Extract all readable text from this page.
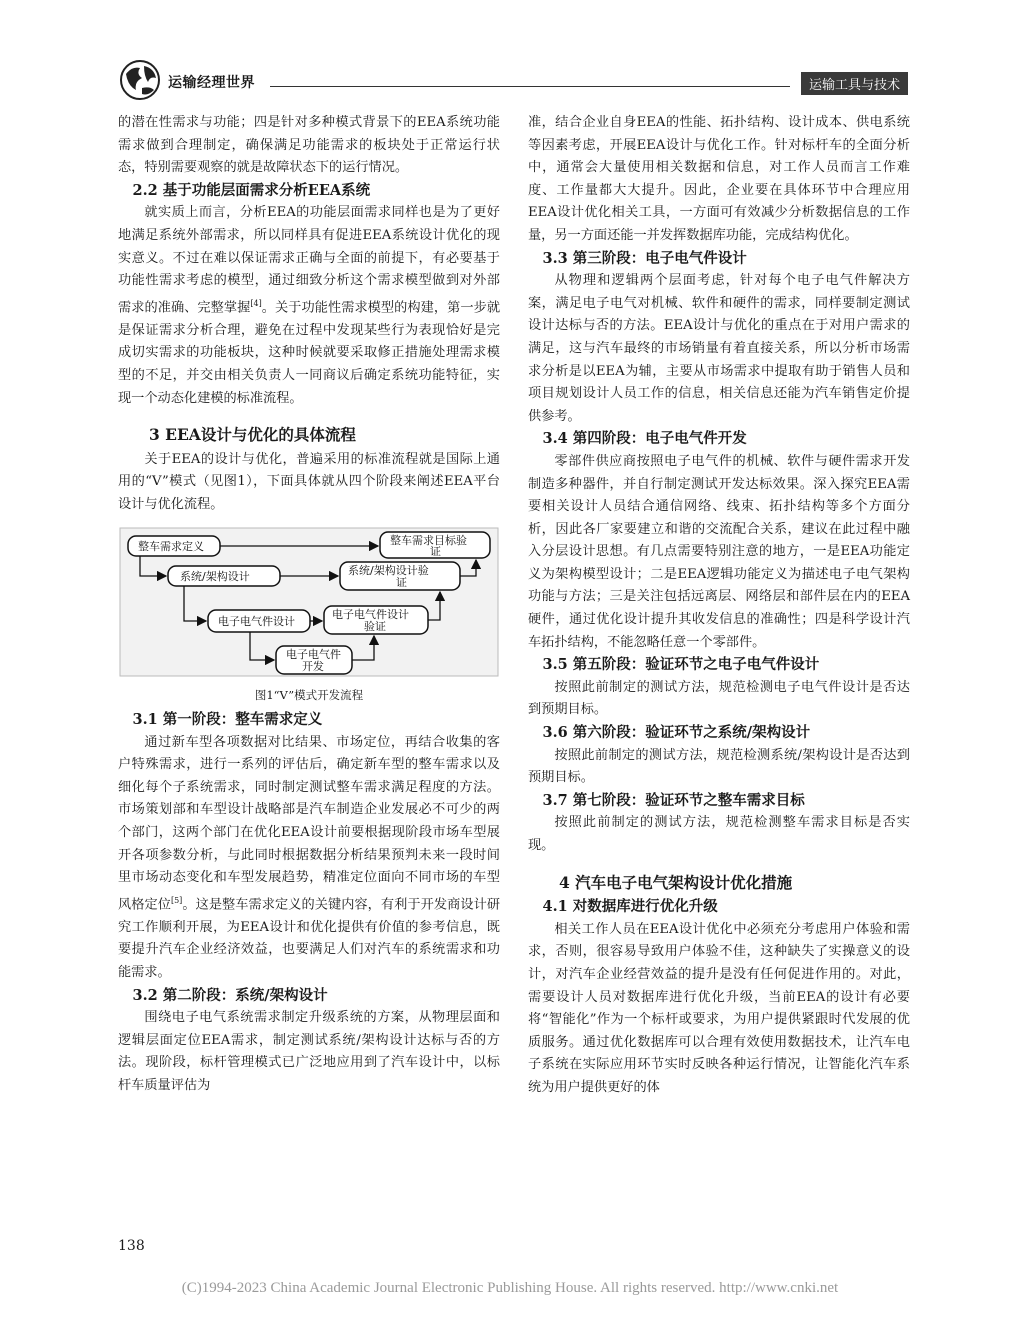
运输经理世界	运输工具与技术

的潜在性需求与功能；四是针对多种模式背景下的EEA系统功能需求做到合理制定，确保满足功能需求的板块处于正常运行状态，特别需要观察的就是故障状态下的运行情况。

2.2 基于功能层面需求分析EEA系统

就实质上而言，分析EEA的功能层面需求同样也是为了更好地满足系统外部需求，所以同样具有促进EEA系统设计优化的现实意义。不过在难以保证需求正确与全面的前提下，有必要基于功能性需求考虑的模型，通过细致分析这个需求模型做到对外部需求的准确、完整掌握[4]。关于功能性需求模型的构建，第一步就是保证需求分析合理，避免在过程中发现某些行为表现恰好是完成切实需求的功能板块，这种时候就要采取修正措施处理需求模型的不足，并交由相关负责人一同商议后确定系统功能特征，实现一个动态化建模的标准流程。

3 EEA设计与优化的具体流程

关于EEA的设计与优化，普遍采用的标准流程就是国际上通用的“V”模式（见图1），下面具体就从四个阶段来阐述EEA平台设计与优化流程。

整车需求定义	整车需求目标验
证
系统/架构设计	系统/架构设计验
证
电子电气件设计
电子电气件设计
验证
电子电气件
开发

图1“V”模式开发流程

3.1 第一阶段：整车需求定义

通过新车型各项数据对比结果、市场定位，再结合收集的客户特殊需求，进行一系列的评估后，确定新车型的整车需求以及细化每个子系统需求，同时制定测试整车需求满足程度的方法。市场策划部和车型设计战略部是汽车制造企业发展必不可少的两个部门，这两个部门在优化EEA设计前要根据现阶段市场车型展开各项参数分析，与此同时根据数据分析结果预判未来一段时间里市场动态变化和车型发展趋势，精准定位面向不同市场的车型风格定位[5]。这是整车需求定义的关键内容，有利于开发商设计研究工作顺利开展，为EEA设计和优化提供有价值的参考信息，既要提升汽车企业经济效益，也要满足人们对汽车的系统需求和功能需求。

3.2 第二阶段：系统/架构设计

围绕电子电气系统需求制定升级系统的方案，从物理层面和逻辑层面定位EEA需求，制定测试系统/架构设计达标与否的方法。现阶段，标杆管理模式已广泛地应用到了汽车设计中，以标杆车质量评估为

准，结合企业自身EEA的性能、拓扑结构、设计成本、供电系统等因素考虑，开展EEA设计与优化工作。针对标杆车的全面分析中，通常会大量使用相关数据和信息，对工作人员而言工作难度、工作量都大大提升。因此，企业要在具体环节中合理应用EEA设计优化相关工具，一方面可有效减少分析数据信息的工作量，另一方面还能一并发挥数据库功能，完成结构优化。

3.3 第三阶段：电子电气件设计

从物理和逻辑两个层面考虑，针对每个电子电气件解决方案，满足电子电气对机械、软件和硬件的需求，同样要制定测试设计达标与否的方法。EEA设计与优化的重点在于对用户需求的满足，这与汽车最终的市场销量有着直接关系，所以分析市场需求分析是以EEA为辅，主要从市场需求中提取有助于销售人员和项目规划设计人员工作的信息，相关信息还能为汽车销售定价提供参考。

3.4 第四阶段：电子电气件开发

零部件供应商按照电子电气件的机械、软件与硬件需求开发制造多种器件，并自行制定测试开发达标效果。深入探究EEA需要相关设计人员结合通信网络、线束、拓扑结构等多个方面分析，因此各厂家要建立和谐的交流配合关系，建议在此过程中融入分层设计思想。有几点需要特别注意的地方，一是EEA功能定义为架构模型设计；二是EEA逻辑功能定义为描述电子电气架构功能与方法；三是关注包括远离层、网络层和部件层在内的EEA硬件，通过优化设计提升其收发信息的准确性；四是科学设计汽车拓扑结构，不能忽略任意一个零部件。

3.5 第五阶段：验证环节之电子电气件设计

按照此前制定的测试方法，规范检测电子电气件设计是否达到预期目标。

3.6 第六阶段：验证环节之系统/架构设计

按照此前制定的测试方法，规范检测系统/架构设计是否达到预期目标。

3.7 第七阶段：验证环节之整车需求目标

按照此前制定的测试方法，规范检测整车需求目标是否实现。

4 汽车电子电气架构设计优化措施
4.1 对数据库进行优化升级

相关工作人员在EEA设计优化中必须充分考虑用户体验和需求，否则，很容易导致用户体验不佳，这种缺失了实操意义的设计，对汽车企业经营效益的提升是没有任何促进作用的。对此，需要设计人员对数据库进行优化升级，当前EEA的设计有必要将“智能化”作为一个标杆或要求，为用户提供紧跟时代发展的优质服务。通过优化数据库可以合理有效使用数据技术，让汽车电子系统在实际应用环节实时反映各种运行情况，让智能化汽车系统为用户提供更好的体

138
(C)1994-2023 China Academic Journal Electronic Publishing House. All rights reserved. http://www.cnki.net
